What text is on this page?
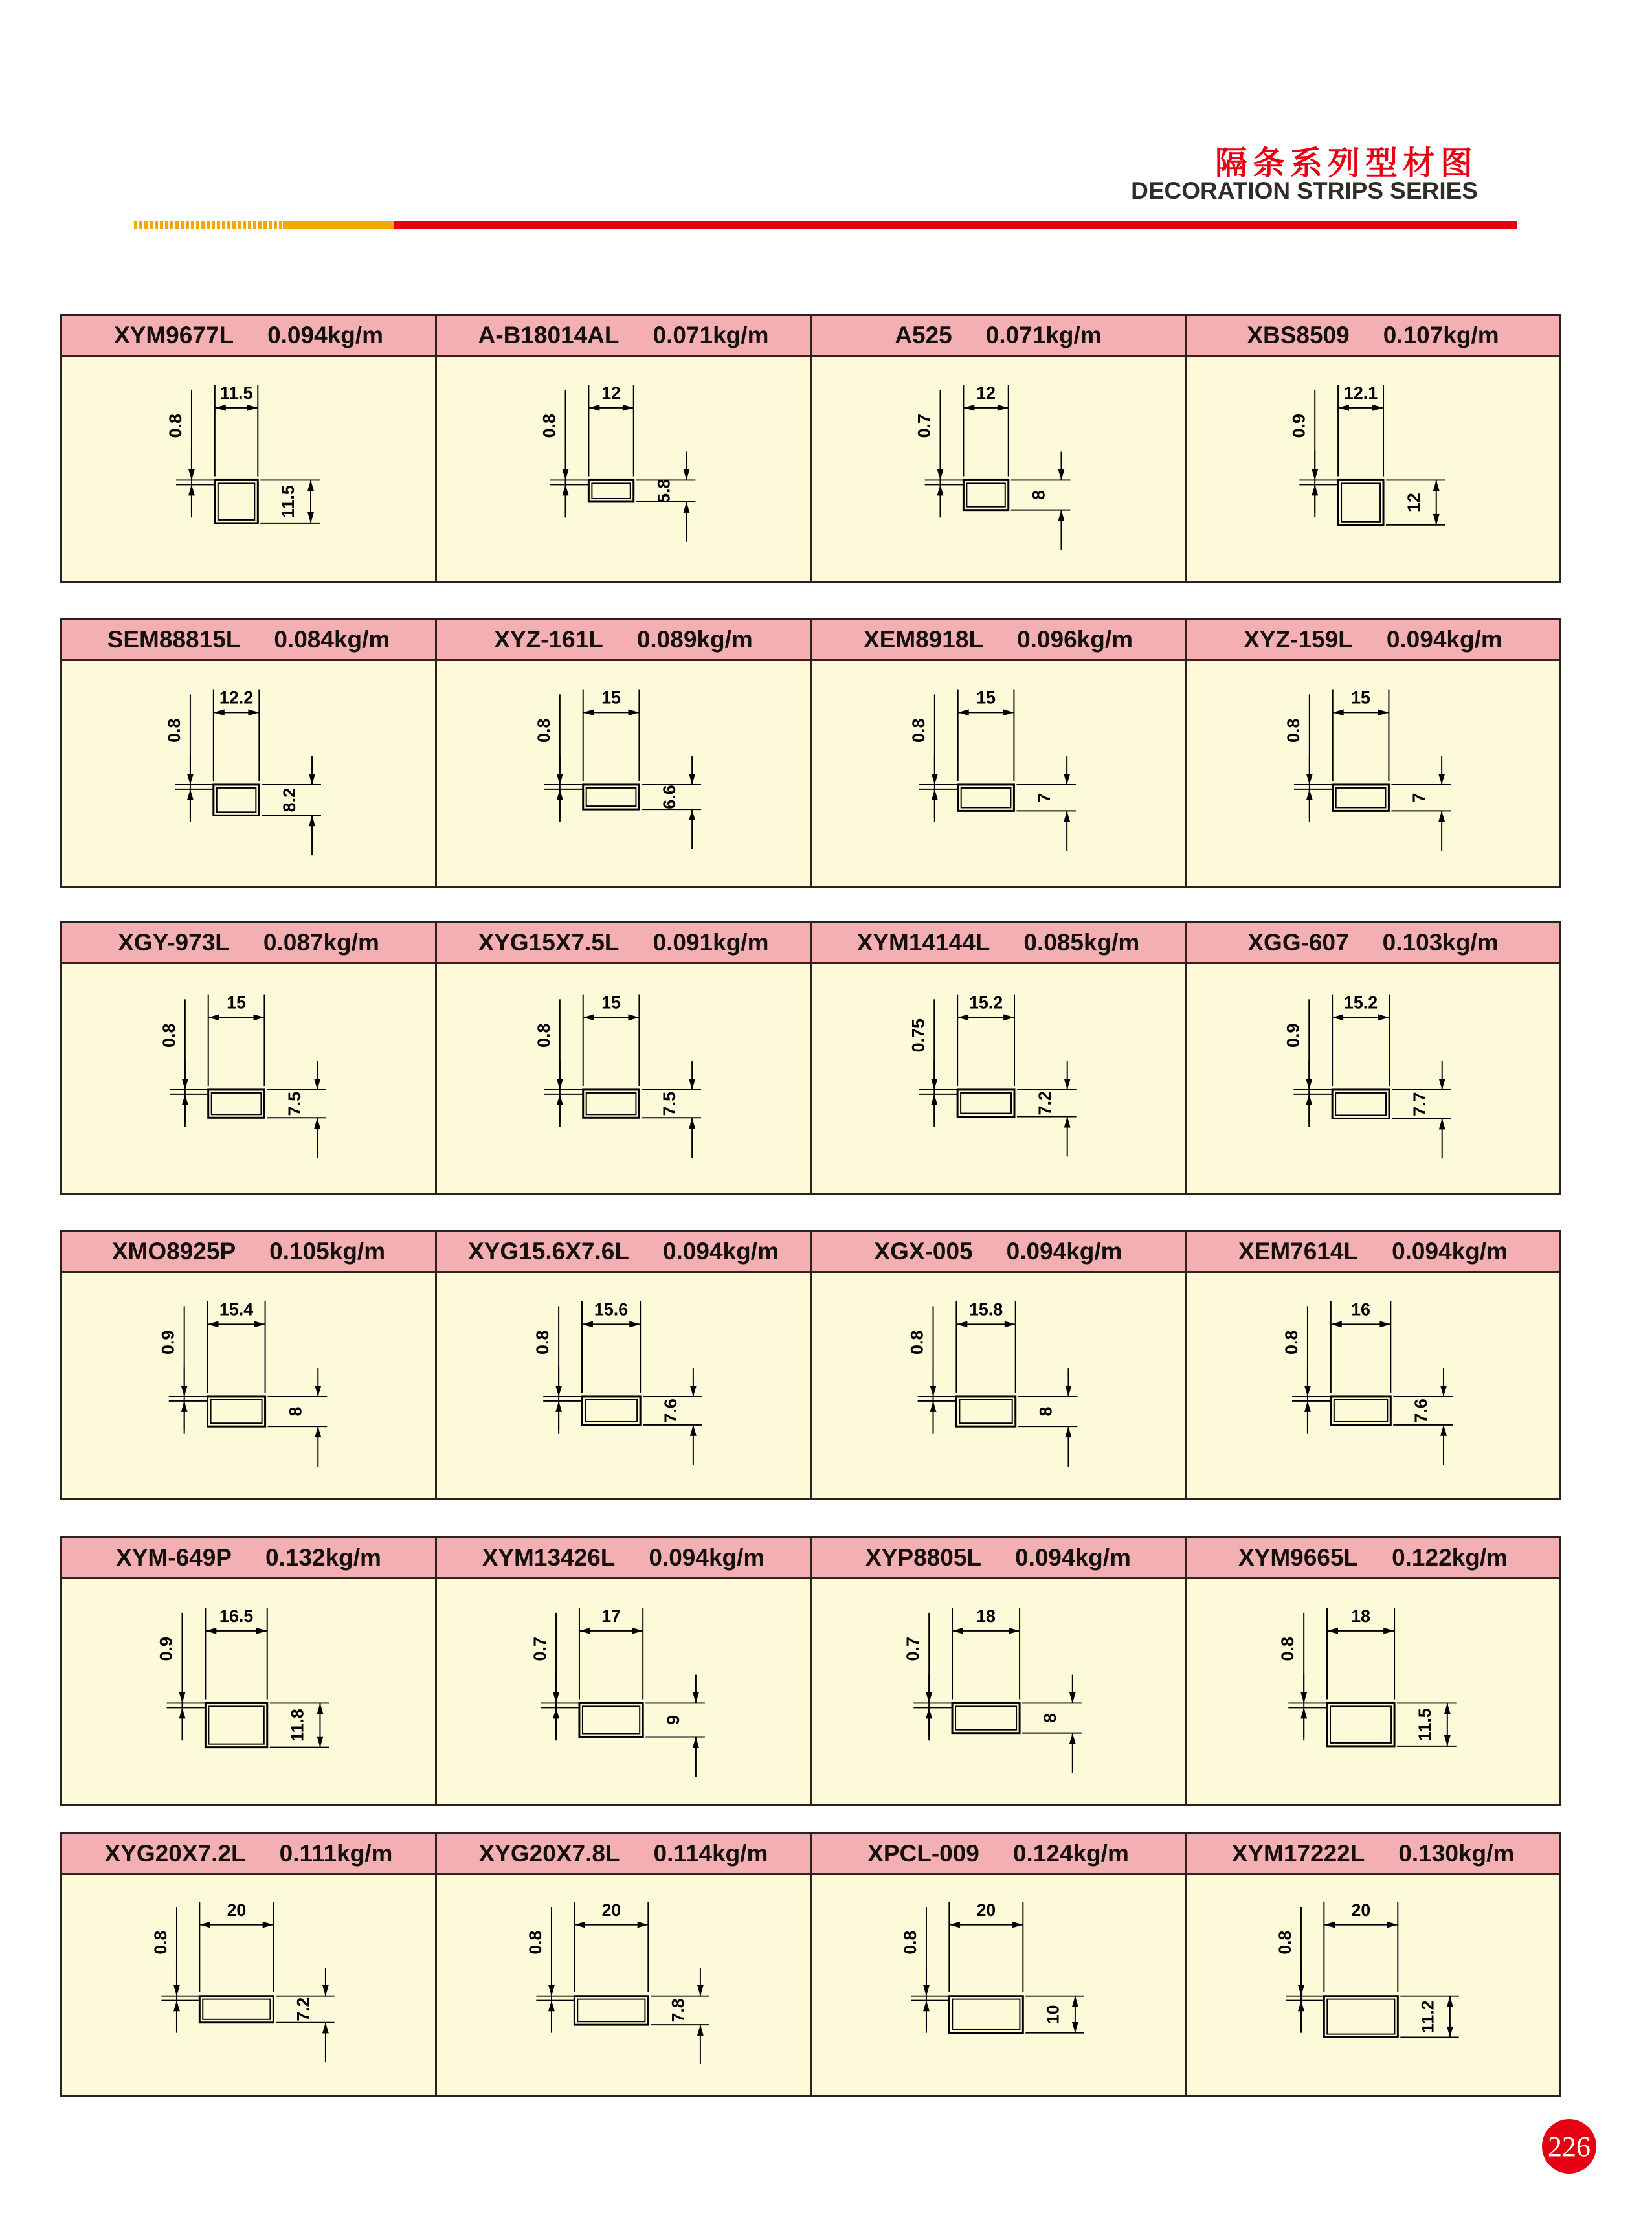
隔条系列型材图
DECORATION STRIPS SERIES
XYM9677L 0.094kg/m
11.5
0.8
11.5
A-B18014AL 0.071kg/m
12
0.8
5.8
A525 0.071kg/m
12
0.7
8
XBS8509 0.107kg/m
12.1
0.9
12
SEM88815L 0.084kg/m
12.2
0.8
8.2
XYZ-161L 0.089kg/m
15
0.8
6.6
XEM8918L 0.096kg/m
15
0.8
7
XYZ-159L 0.094kg/m
15
0.8
7
XGY-973L 0.087kg/m
15
0.8
7.5
XYG15X7.5L 0.091kg/m
15
0.8
7.5
XYM14144L 0.085kg/m
15.2
0.75
7.2
XGG-607 0.103kg/m
15.2
0.9
7.7
XMO8925P 0.105kg/m
15.4
0.9
8
XYG15.6X7.6L 0.094kg/m
15.6
0.8
7.6
XGX-005 0.094kg/m
15.8
0.8
8
XEM7614L 0.094kg/m
16
0.8
7.6
XYM-649P 0.132kg/m
16.5
0.9
11.8
XYM13426L 0.094kg/m
17
0.7
9
XYP8805L 0.094kg/m
18
0.7
8
XYM9665L 0.122kg/m
18
0.8
11.5
XYG20X7.2L 0.111kg/m
20
0.8
7.2
XYG20X7.8L 0.114kg/m
20
0.8
7.8
XPCL-009 0.124kg/m
20
0.8
10
XYM17222L 0.130kg/m
20
0.8
11.2
226
